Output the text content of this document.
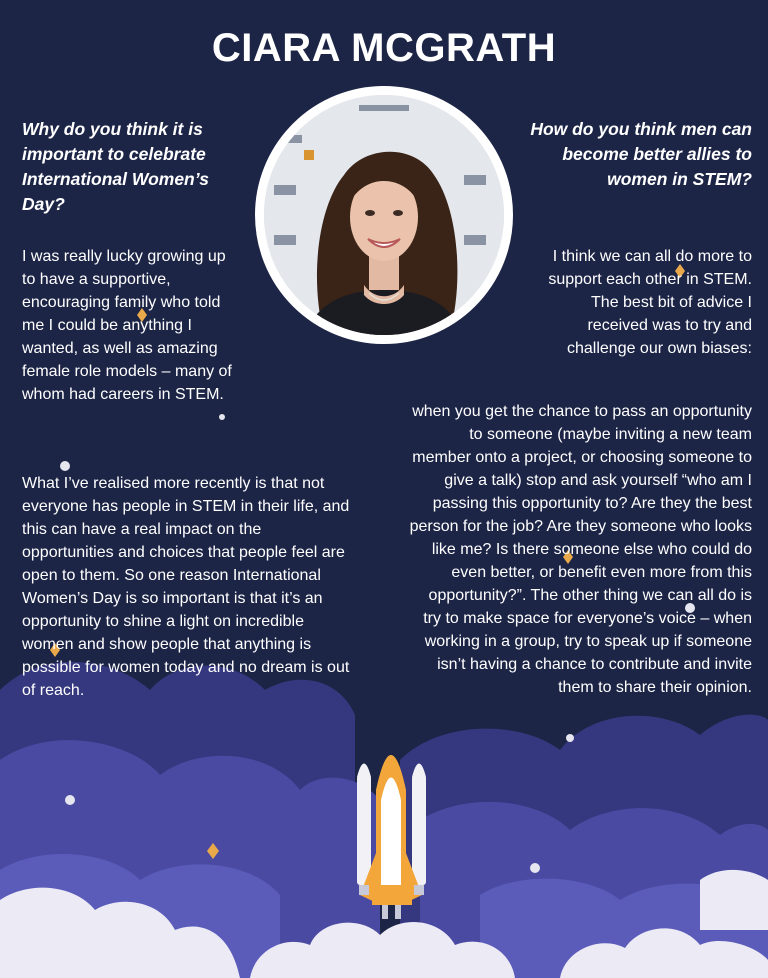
CIARA MCGRATH

Why do you think it is important to celebrate International Women’s Day?

I was really lucky growing up to have a supportive, encouraging family who told me I could be anything I wanted, as well as amazing female role models – many of whom had careers in STEM.

What I’ve realised more recently is that not everyone has people in STEM in their life, and this can have a real impact on the opportunities and choices that people feel are open to them. So one reason International Women’s Day is so important is that it’s an opportunity to shine a light on incredible women and show people that anything is possible for women today and no dream is out of reach.

How do you think men can become better allies to women in STEM?

I think we can all do more to support each other in STEM. The best bit of advice I received was to try and challenge our own biases:

when you get the chance to pass an opportunity to someone (maybe inviting a new team member onto a project, or choosing someone to give a talk) stop and ask yourself “who am I passing this opportunity to? Are they the best person for the job? Are they someone who looks like me? Is there someone else who could do even better, or benefit even more from this opportunity?”. The other thing we can all do is try to make space for everyone’s voice – when working in a group, try to speak up if someone isn’t having a chance to contribute and invite them to share their opinion.
